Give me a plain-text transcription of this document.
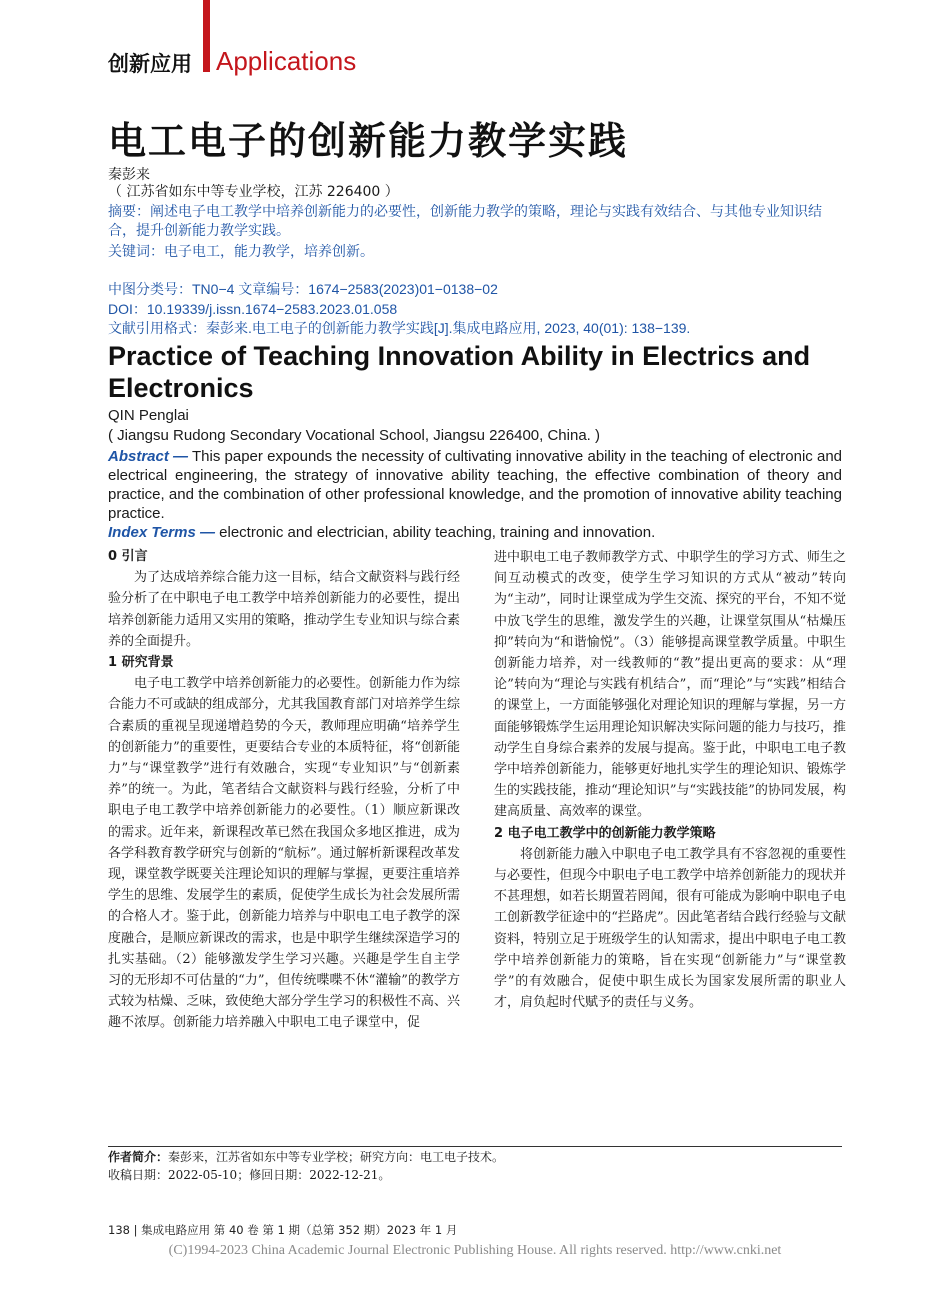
创新应用 Applications
电工电子的创新能力教学实践
秦彭来
（ 江苏省如东中等专业学校，江苏 226400 ）
摘要：阐述电子电工教学中培养创新能力的必要性，创新能力教学的策略，理论与实践有效结合、与其他专业知识结合，提升创新能力教学实践。
关键词：电子电工，能力教学，培养创新。
中图分类号：TN0−4 文章编号：1674−2583(2023)01−0138−02
DOI：10.19339/j.issn.1674−2583.2023.01.058
文献引用格式：秦彭来.电工电子的创新能力教学实践[J].集成电路应用, 2023, 40(01): 138−139.
Practice of Teaching Innovation Ability in Electrics and Electronics
QIN Penglai
( Jiangsu Rudong Secondary Vocational School, Jiangsu 226400, China. )
Abstract — This paper expounds the necessity of cultivating innovative ability in the teaching of electronic and electrical engineering, the strategy of innovative ability teaching, the effective combination of theory and practice, and the combination of other professional knowledge, and the promotion of innovative ability teaching practice.
Index Terms — electronic and electrician, ability teaching, training and innovation.
0 引言

为了达成培养综合能力这一目标，结合文献资料与践行经验分析了在中职电子电工教学中培养创新能力的必要性，提出培养创新能力适用又实用的策略，推动学生专业知识与综合素养的全面提升。

1 研究背景

电子电工教学中培养创新能力的必要性。创新能力作为综合能力不可或缺的组成部分，尤其我国教育部门对培养学生综合素质的重视呈现递增趋势的今天，教师理应明确“培养学生的创新能力”的重要性，更要结合专业的本质特征，将“创新能力”与“课堂教学”进行有效融合，实现“专业知识”与“创新素养”的统一。为此，笔者结合文献资料与践行经验，分析了中职电子电工教学中培养创新能力的必要性。（1）顺应新课改的需求。近年来，新课程改革已然在我国众多地区推进，成为各学科教育教学研究与创新的“航标”。通过解析新课程改革发现，课堂教学既要关注理论知识的理解与掌握，更要注重培养学生的思维、发展学生的素质，促使学生成长为社会发展所需的合格人才。鉴于此，创新能力培养与中职电工电子教学的深度融合，是顺应新课改的需求，也是中职学生继续深造学习的扎实基础。（2）能够激发学生学习兴趣。兴趣是学生自主学习的无形却不可估量的“力”，但传统喋喋不休“灌输”的教学方式较为枯燥、乏味，致使绝大部分学生学习的积极性不高、兴趣不浓厚。创新能力培养融入中职电工电子课堂中，促

进中职电工电子教师教学方式、中职学生的学习方式、师生之间互动模式的改变，使学生学习知识的方式从“被动”转向为“主动”，同时让课堂成为学生交流、探究的平台，不知不觉中放飞学生的思维，激发学生的兴趣，让课堂氛围从“枯燥压抑”转向为“和谐愉悦”。（3）能够提高课堂教学质量。中职生创新能力培养，对一线教师的“教”提出更高的要求：从“理论”转向为“理论与实践有机结合”，而“理论”与“实践”相结合的课堂上，一方面能够强化对理论知识的理解与掌握，另一方面能够锻炼学生运用理论知识解决实际问题的能力与技巧，推动学生自身综合素养的发展与提高。鉴于此，中职电工电子教学中培养创新能力，能够更好地扎实学生的理论知识、锻炼学生的实践技能，推动“理论知识”与“实践技能”的协同发展，构建高质量、高效率的课堂。

2 电子电工教学中的创新能力教学策略

将创新能力融入中职电子电工教学具有不容忽视的重要性与必要性，但现今中职电子电工教学中培养创新能力的现状并不甚理想，如若长期置若罔闻，很有可能成为影响中职电子电工创新教学征途中的“拦路虎”。因此笔者结合践行经验与文献资料，特别立足于班级学生的认知需求，提出中职电子电工教学中培养创新能力的策略，旨在实现“创新能力”与“课堂教学”的有效融合，促使中职生成长为国家发展所需的职业人才，肩负起时代赋予的责任与义务。

作者简介：秦彭来，江苏省如东中等专业学校；研究方向：电工电子技术。
收稿日期：2022-05-10；修回日期：2022-12-21。
138 | 集成电路应用 第 40 卷 第 1 期（总第 352 期）2023 年 1 月
(C)1994-2023 China Academic Journal Electronic Publishing House. All rights reserved. http://www.cnki.net
